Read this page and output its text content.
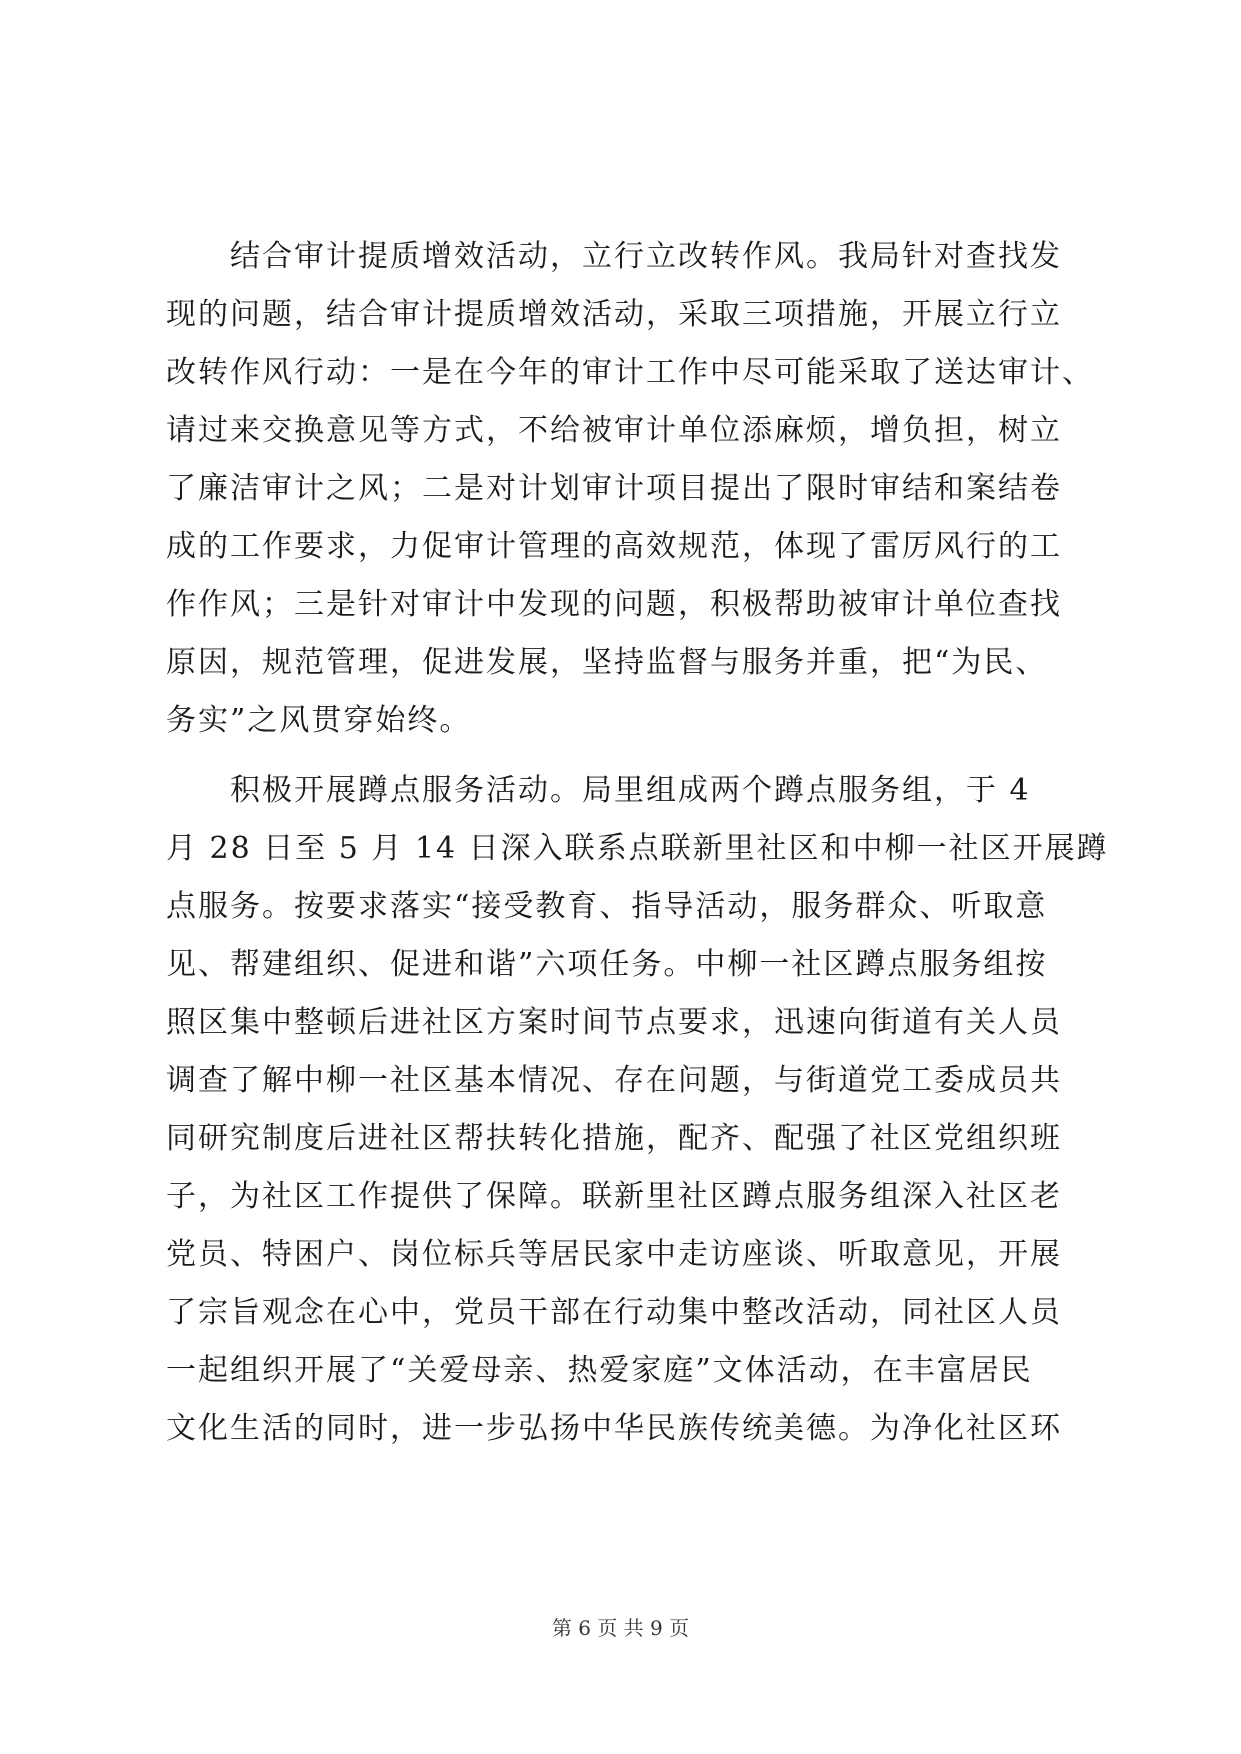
结合审计提质增效活动，立行立改转作风。我局针对查找发
现的问题，结合审计提质增效活动，采取三项措施，开展立行立
改转作风行动：一是在今年的审计工作中尽可能采取了送达审计、
请过来交换意见等方式，不给被审计单位添麻烦，增负担，树立
了廉洁审计之风；二是对计划审计项目提出了限时审结和案结卷
成的工作要求，力促审计管理的高效规范，体现了雷厉风行的工
作作风；三是针对审计中发现的问题，积极帮助被审计单位查找
原因，规范管理，促进发展，坚持监督与服务并重，把“为民、
务实”之风贯穿始终。
积极开展蹲点服务活动。局里组成两个蹲点服务组，于 4
月 28 日至 5 月 14 日深入联系点联新里社区和中柳一社区开展蹲
点服务。按要求落实“接受教育、指导活动，服务群众、听取意
见、帮建组织、促进和谐”六项任务。中柳一社区蹲点服务组按
照区集中整顿后进社区方案时间节点要求，迅速向街道有关人员
调查了解中柳一社区基本情况、存在问题，与街道党工委成员共
同研究制度后进社区帮扶转化措施，配齐、配强了社区党组织班
子，为社区工作提供了保障。联新里社区蹲点服务组深入社区老
党员、特困户、岗位标兵等居民家中走访座谈、听取意见，开展
了宗旨观念在心中，党员干部在行动集中整改活动，同社区人员
一起组织开展了“关爱母亲、热爱家庭”文体活动，在丰富居民
文化生活的同时，进一步弘扬中华民族传统美德。为净化社区环
第 6 页 共 9 页
